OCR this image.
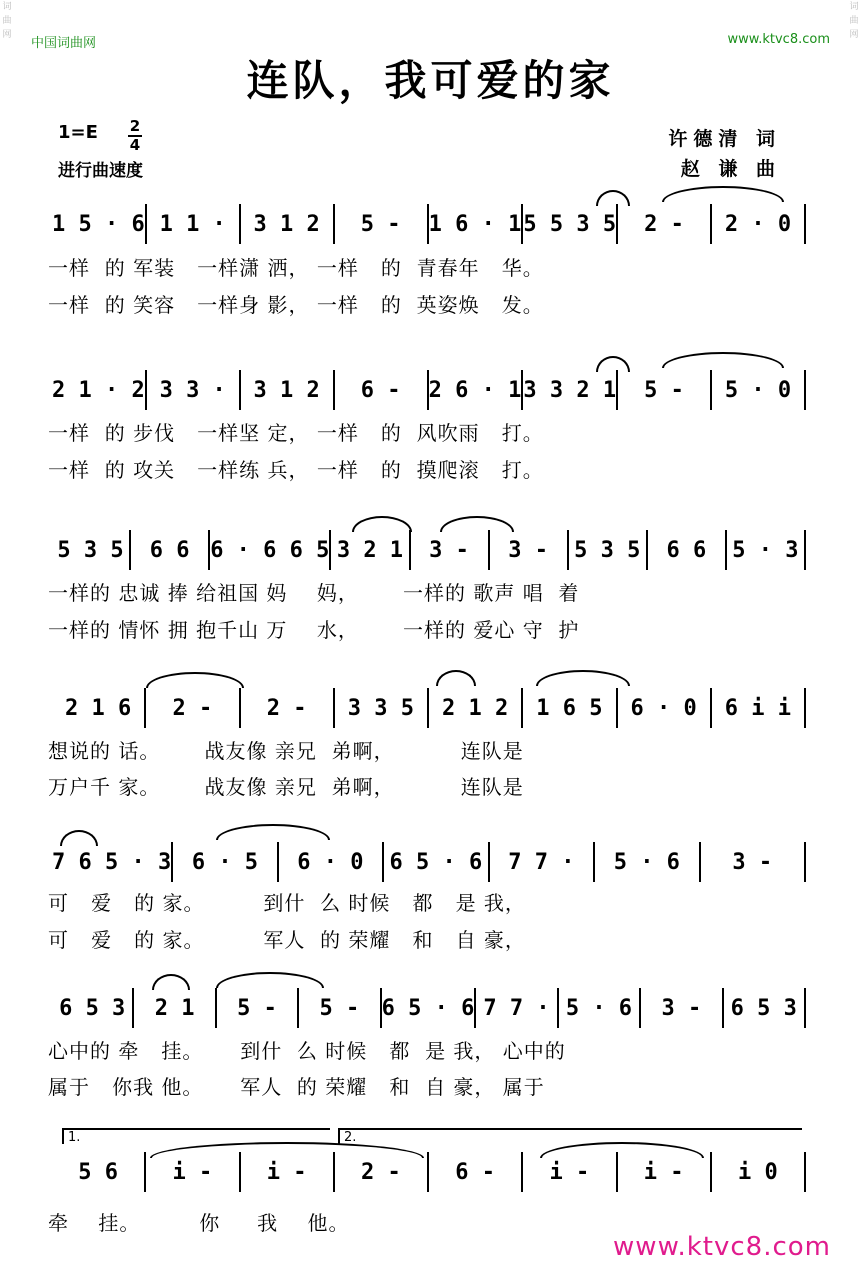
词曲网
词曲网
中国词曲网	www.ktvc8.com
连队，我可爱的家
1=E 2
4
进行曲速度
许德清 词
赵 谦 曲
1 5 · 6 1 1 ·	3 1 2	5 -	1 6 · 1 5 5 3 5	2 -	2 · 0
一样  的 军装   一样潇 洒， 一样   的  青春年   华。
一样  的 笑容   一样身 影， 一样   的  英姿焕   发。
2 1 · 2 3 3 ·	3 1 2	6 -	2 6 · 1 3 3 2 1	5 -	5 · 0
一样  的 步伐   一样坚 定， 一样   的  风吹雨   打。
一样  的 攻关   一样练 兵， 一样   的  摸爬滚   打。
5 3 5	6 6 6 · 6 6 5 3 2 1	3 -	3 -	5 3 5	6 6	5 · 3
一样的 忠诚 捧 给祖国 妈    妈，      一样的 歌声 唱  着
一样的 情怀 拥 抱千山 万    水，      一样的 爱心 守  护
2 1 6	2 -	2 -	3 3 5	2 1 2	1 6 5	6 · 0	6 i i
想说的 话。      战友像 亲兄  弟啊，         连队是
万户千 家。      战友像 亲兄  弟啊，         连队是
7 6 5 · 3 6 · 5	6 · 0	6 5 · 6	7 7 ·	5 · 6	3 -
可   爱   的 家。        到什  么 时候   都   是 我，
可   爱   的 家。        军人  的 荣耀   和   自 豪，
6 5 3	2 1	5 -	5 -	6 5 · 6 7 7 · 5 · 6	3 -	6 5 3
心中的 牵   挂。     到什  么 时候   都  是 我， 心中的
属于   你我 他。     军人  的 荣耀   和  自 豪， 属于
5 6	i -	i -	2 -	6 -	i -	i -	i 0
牵    挂。        你     我    他。
1.	2.
www.ktvc8.com
